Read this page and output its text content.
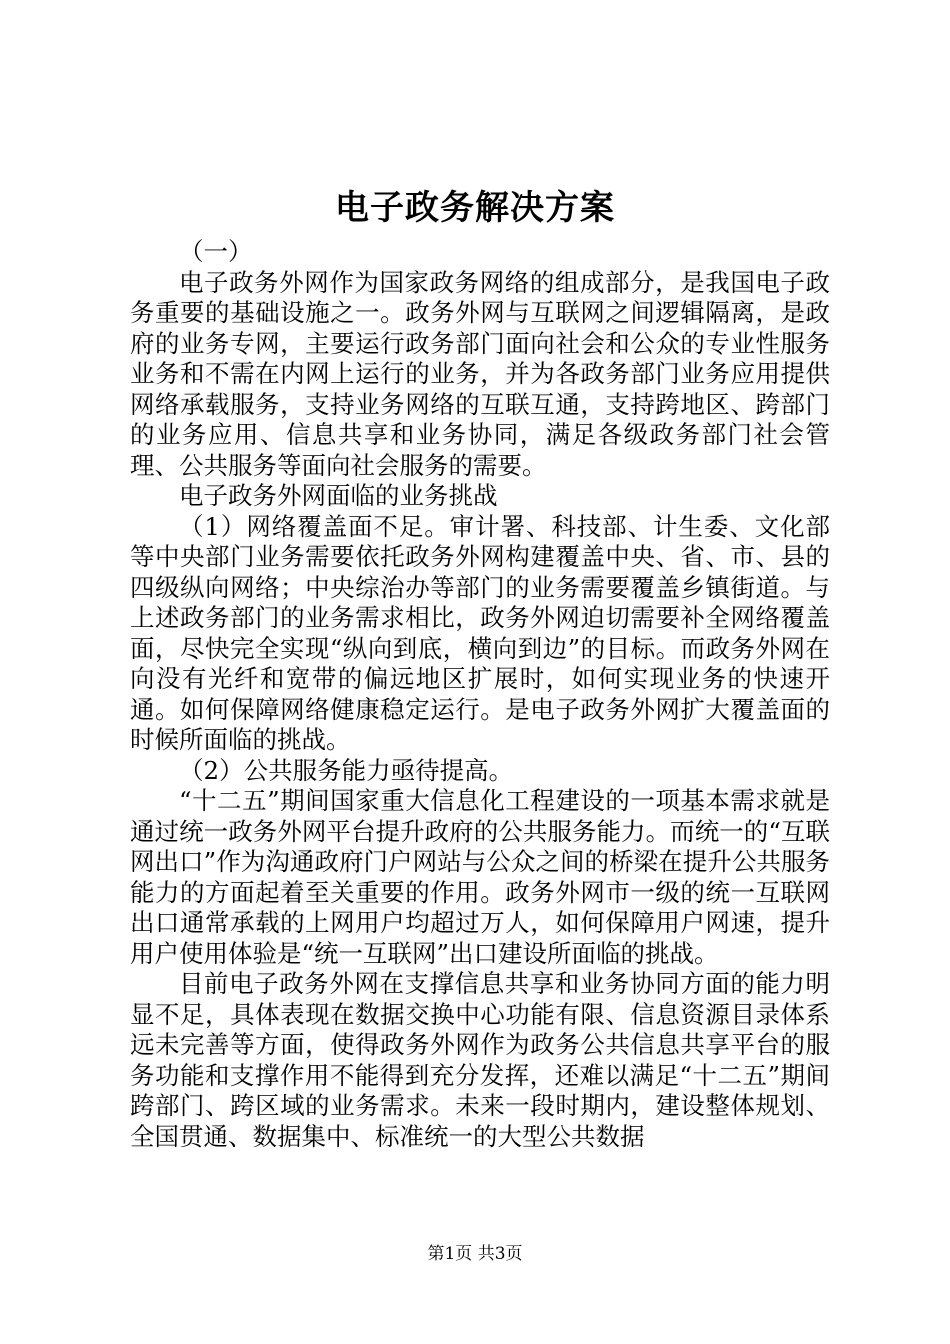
电子政务解决方案

（一）

电子政务外网作为国家政务网络的组成部分，是我国电子政务重要的基础设施之一。政务外网与互联网之间逻辑隔离，是政府的业务专网，主要运行政务部门面向社会和公众的专业性服务业务和不需在内网上运行的业务，并为各政务部门业务应用提供网络承载服务，支持业务网络的互联互通，支持跨地区、跨部门的业务应用、信息共享和业务协同，满足各级政务部门社会管理、公共服务等面向社会服务的需要。

电子政务外网面临的业务挑战

（1）网络覆盖面不足。审计署、科技部、计生委、文化部等中央部门业务需要依托政务外网构建覆盖中央、省、市、县的四级纵向网络；中央综治办等部门的业务需要覆盖乡镇街道。与上述政务部门的业务需求相比，政务外网迫切需要补全网络覆盖面，尽快完全实现“纵向到底，横向到边”的目标。而政务外网在向没有光纤和宽带的偏远地区扩展时，如何实现业务的快速开通。如何保障网络健康稳定运行。是电子政务外网扩大覆盖面的时候所面临的挑战。

（2）公共服务能力亟待提高。

“十二五”期间国家重大信息化工程建设的一项基本需求就是通过统一政务外网平台提升政府的公共服务能力。而统一的“互联网出口”作为沟通政府门户网站与公众之间的桥梁在提升公共服务能力的方面起着至关重要的作用。政务外网市一级的统一互联网出口通常承载的上网用户均超过万人，如何保障用户网速，提升用户使用体验是“统一互联网”出口建设所面临的挑战。

目前电子政务外网在支撑信息共享和业务协同方面的能力明显不足，具体表现在数据交换中心功能有限、信息资源目录体系远未完善等方面，使得政务外网作为政务公共信息共享平台的服务功能和支撑作用不能得到充分发挥，还难以满足“十二五”期间跨部门、跨区域的业务需求。未来一段时期内，建设整体规划、全国贯通、数据集中、标准统一的大型公共数据

第1页 共3页
